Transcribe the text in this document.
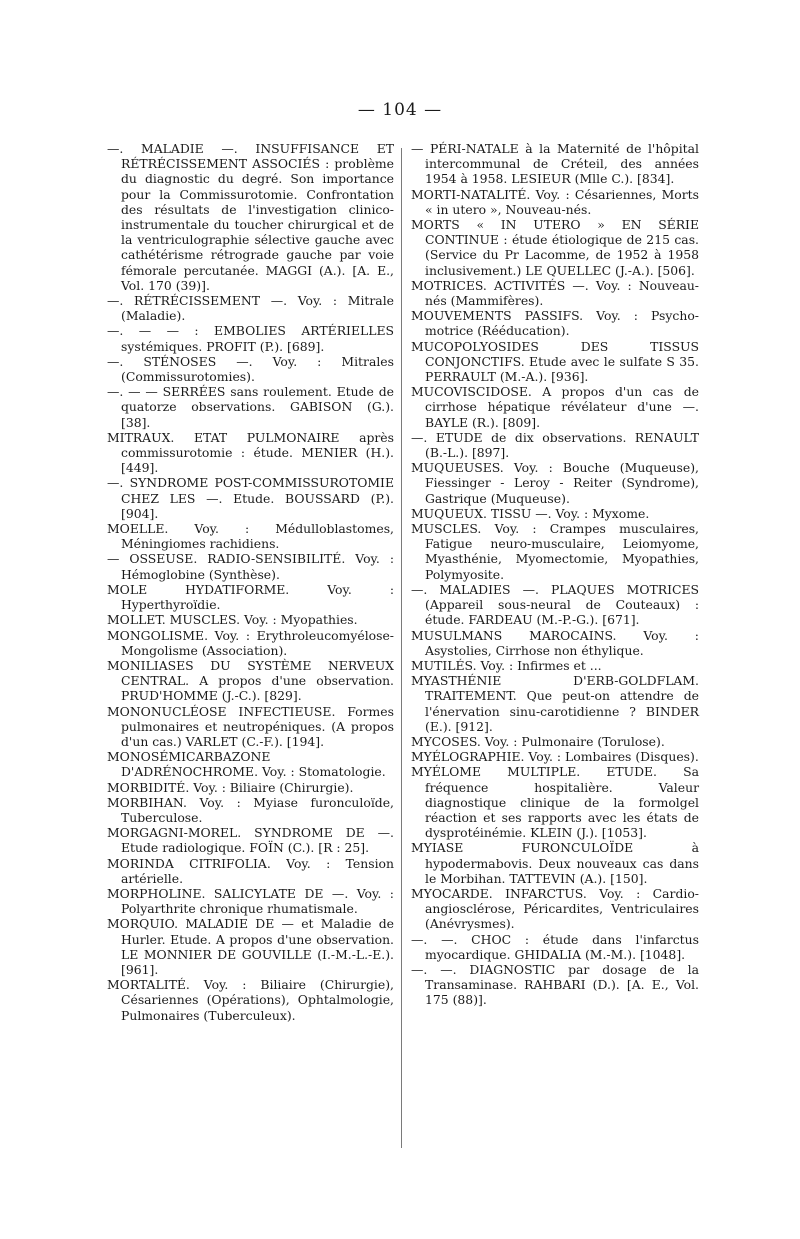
— 104 —

—. MALADIE —. INSUFFISANCE ET RÉTRÉCISSEMENT ASSOCIÉS : problème du diagnostic du degré. Son importance pour la Commissurotomie. Confrontation des résultats de l'investigation clinico-instrumentale du toucher chirurgical et de la ventriculographie sélective gauche avec cathétérisme rétrograde gauche par voie fémorale percutanée. MAGGI (A.). [A. E., Vol. 170 (39)].

—. RÉTRÉCISSEMENT —. Voy. : Mitrale (Maladie).

—. — — : EMBOLIES ARTÉRIELLES systémiques. PROFIT (P.). [689].

—. STÉNOSES —. Voy. : Mitrales (Commissurotomies).

—. — — SERRÉES sans roulement. Etude de quatorze observations. GABISON (G.). [38].

MITRAUX. ETAT PULMONAIRE après commissurotomie : étude. MENIER (H.). [449].

—. SYNDROME POST-COMMISSUROTOMIE CHEZ LES —. Etude. BOUSSARD (P.). [904].

MOELLE. Voy. : Médulloblastomes, Méningiomes rachidiens.

— OSSEUSE. RADIO-SENSIBILITÉ. Voy. : Hémoglobine (Synthèse).

MOLE HYDATIFORME. Voy. : Hyperthyroïdie.

MOLLET. MUSCLES. Voy. : Myopathies.

MONGOLISME. Voy. : Erythroleucomyélose-Mongolisme (Association).

MONILIASES DU SYSTÈME NERVEUX CENTRAL. A propos d'une observation. PRUD'HOMME (J.-C.). [829].

MONONUCLÉOSE INFECTIEUSE. Formes pulmonaires et neutropéniques. (A propos d'un cas.) VARLET (C.-F.). [194].

MONOSÉMICARBAZONE D'ADRÉNOCHROME. Voy. : Stomatologie.

MORBIDITÉ. Voy. : Biliaire (Chirurgie).

MORBIHAN. Voy. : Myiase furonculoïde, Tuberculose.

MORGAGNI-MOREL. SYNDROME DE —. Etude radiologique. FOÏN (C.). [R : 25].

MORINDA CITRIFOLIA. Voy. : Tension artérielle.

MORPHOLINE. SALICYLATE DE —. Voy. : Polyarthrite chronique rhumatismale.

MORQUIO. MALADIE DE — et Maladie de Hurler. Etude. A propos d'une observation. LE MONNIER DE GOUVILLE (I.-M.-L.-E.). [961].

MORTALITÉ. Voy. : Biliaire (Chirurgie), Césariennes (Opérations), Ophtalmologie, Pulmonaires (Tuberculeux).

— PÉRI-NATALE à la Maternité de l'hôpital intercommunal de Créteil, des années 1954 à 1958. LESIEUR (Mlle C.). [834].

MORTI-NATALITÉ. Voy. : Césariennes, Morts « in utero », Nouveau-nés.

MORTS « IN UTERO » EN SÉRIE CONTINUE : étude étiologique de 215 cas. (Service du Pr Lacomme, de 1952 à 1958 inclusivement.) LE QUELLEC (J.-A.). [506].

MOTRICES. ACTIVITÉS —. Voy. : Nouveau-nés (Mammifères).

MOUVEMENTS PASSIFS. Voy. : Psycho-motrice (Rééducation).

MUCOPOLYOSIDES DES TISSUS CONJONCTIFS. Etude avec le sulfate S 35. PERRAULT (M.-A.). [936].

MUCOVISCIDOSE. A propos d'un cas de cirrhose hépatique révélateur d'une —. BAYLE (R.). [809].

—. ETUDE de dix observations. RENAULT (B.-L.). [897].

MUQUEUSES. Voy. : Bouche (Muqueuse), Fiessinger - Leroy - Reiter (Syndrome), Gastrique (Muqueuse).

MUQUEUX. TISSU —. Voy. : Myxome.

MUSCLES. Voy. : Crampes musculaires, Fatigue neuro-musculaire, Leiomyome, Myasthénie, Myomectomie, Myopathies, Polymyosite.

—. MALADIES —. PLAQUES MOTRICES (Appareil sous-neural de Couteaux) : étude. FARDEAU (M.-P.-G.). [671].

MUSULMANS MAROCAINS. Voy. : Asystolies, Cirrhose non éthylique.

MUTILÉS. Voy. : Infirmes et ...

MYASTHÉNIE D'ERB-GOLDFLAM. TRAITEMENT. Que peut-on attendre de l'énervation sinu-carotidienne ? BINDER (E.). [912].

MYCOSES. Voy. : Pulmonaire (Torulose).

MYÉLOGRAPHIE. Voy. : Lombaires (Disques).

MYÉLOME MULTIPLE. ETUDE. Sa fréquence hospitalière. Valeur diagnostique clinique de la formolgel réaction et ses rapports avec les états de dysprotéinémie. KLEIN (J.). [1053].

MYIASE FURONCULOÏDE à hypodermabovis. Deux nouveaux cas dans le Morbihan. TATTEVIN (A.). [150].

MYOCARDE. INFARCTUS. Voy. : Cardio-angiosclérose, Péricardites, Ventriculaires (Anévrysmes).

—. —. CHOC : étude dans l'infarctus myocardique. GHIDALIA (M.-M.). [1048].

—. —. DIAGNOSTIC par dosage de la Transaminase. RAHBARI (D.). [A. E., Vol. 175 (88)].
